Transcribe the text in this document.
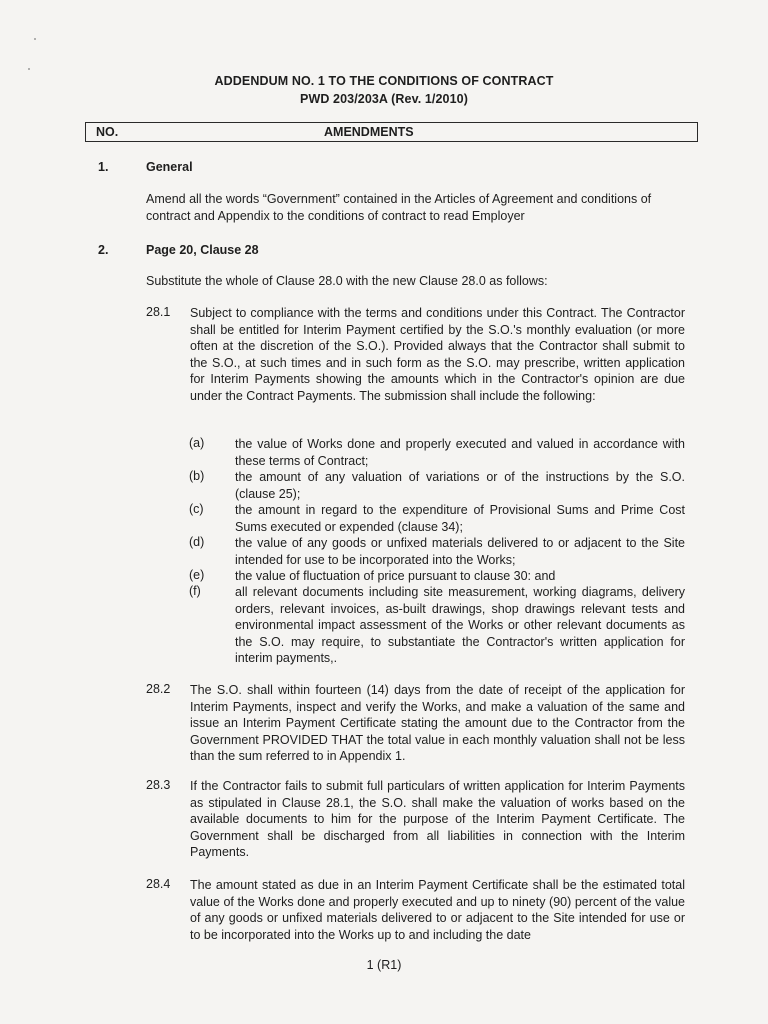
ADDENDUM NO. 1 TO THE CONDITIONS OF CONTRACT
PWD 203/203A (Rev. 1/2010)
NO.	AMENDMENTS
1.	General
Amend all the words “Government” contained in the Articles of Agreement and conditions of contract and Appendix to the conditions of contract to read Employer
2.	Page 20, Clause 28
Substitute the whole of Clause 28.0 with the new Clause 28.0 as follows:
28.1 Subject to compliance with the terms and conditions under this Contract. The Contractor shall be entitled for Interim Payment certified by the S.O.'s monthly evaluation (or more often at the discretion of the S.O.). Provided always that the Contractor shall submit to the S.O., at such times and in such form as the S.O. may prescribe, written application for Interim Payments showing the amounts which in the Contractor's opinion are due under the Contract Payments. The submission shall include the following:
(a) the value of Works done and properly executed and valued in accordance with these terms of Contract;
(b) the amount of any valuation of variations or of the instructions by the S.O. (clause 25);
(c)	the amount in regard to the expenditure of Provisional Sums and Prime Cost Sums executed or expended (clause 34);
(d) the value of any goods or unfixed materials delivered to or adjacent to the Site intended for use to be incorporated into the Works;
(e) the value of fluctuation of price pursuant to clause 30: and
(f)	all relevant documents including site measurement, working diagrams, delivery orders, relevant invoices, as-built drawings, shop drawings relevant tests and environmental impact assessment of the Works or other relevant documents as the S.O. may require, to substantiate the Contractor's written application for interim payments,.
28.2 The S.O. shall within fourteen (14) days from the date of receipt of the application for Interim Payments, inspect and verify the Works, and make a valuation of the same and issue an Interim Payment Certificate stating the amount due to the Contractor from the Government PROVIDED THAT the total value in each monthly valuation shall not be less than the sum referred to in Appendix 1.
28.3 If the Contractor fails to submit full particulars of written application for Interim Payments as stipulated in Clause 28.1, the S.O. shall make the valuation of works based on the available documents to him for the purpose of the Interim Payment Certificate. The Government shall be discharged from all liabilities in connection with the Interim Payments.
28.4 The amount stated as due in an Interim Payment Certificate shall be the estimated total value of the Works done and properly executed and up to ninety (90) percent of the value of any goods or unfixed materials delivered to or adjacent to the Site intended for use or to be incorporated into the Works up to and including the date
1 (R1)
